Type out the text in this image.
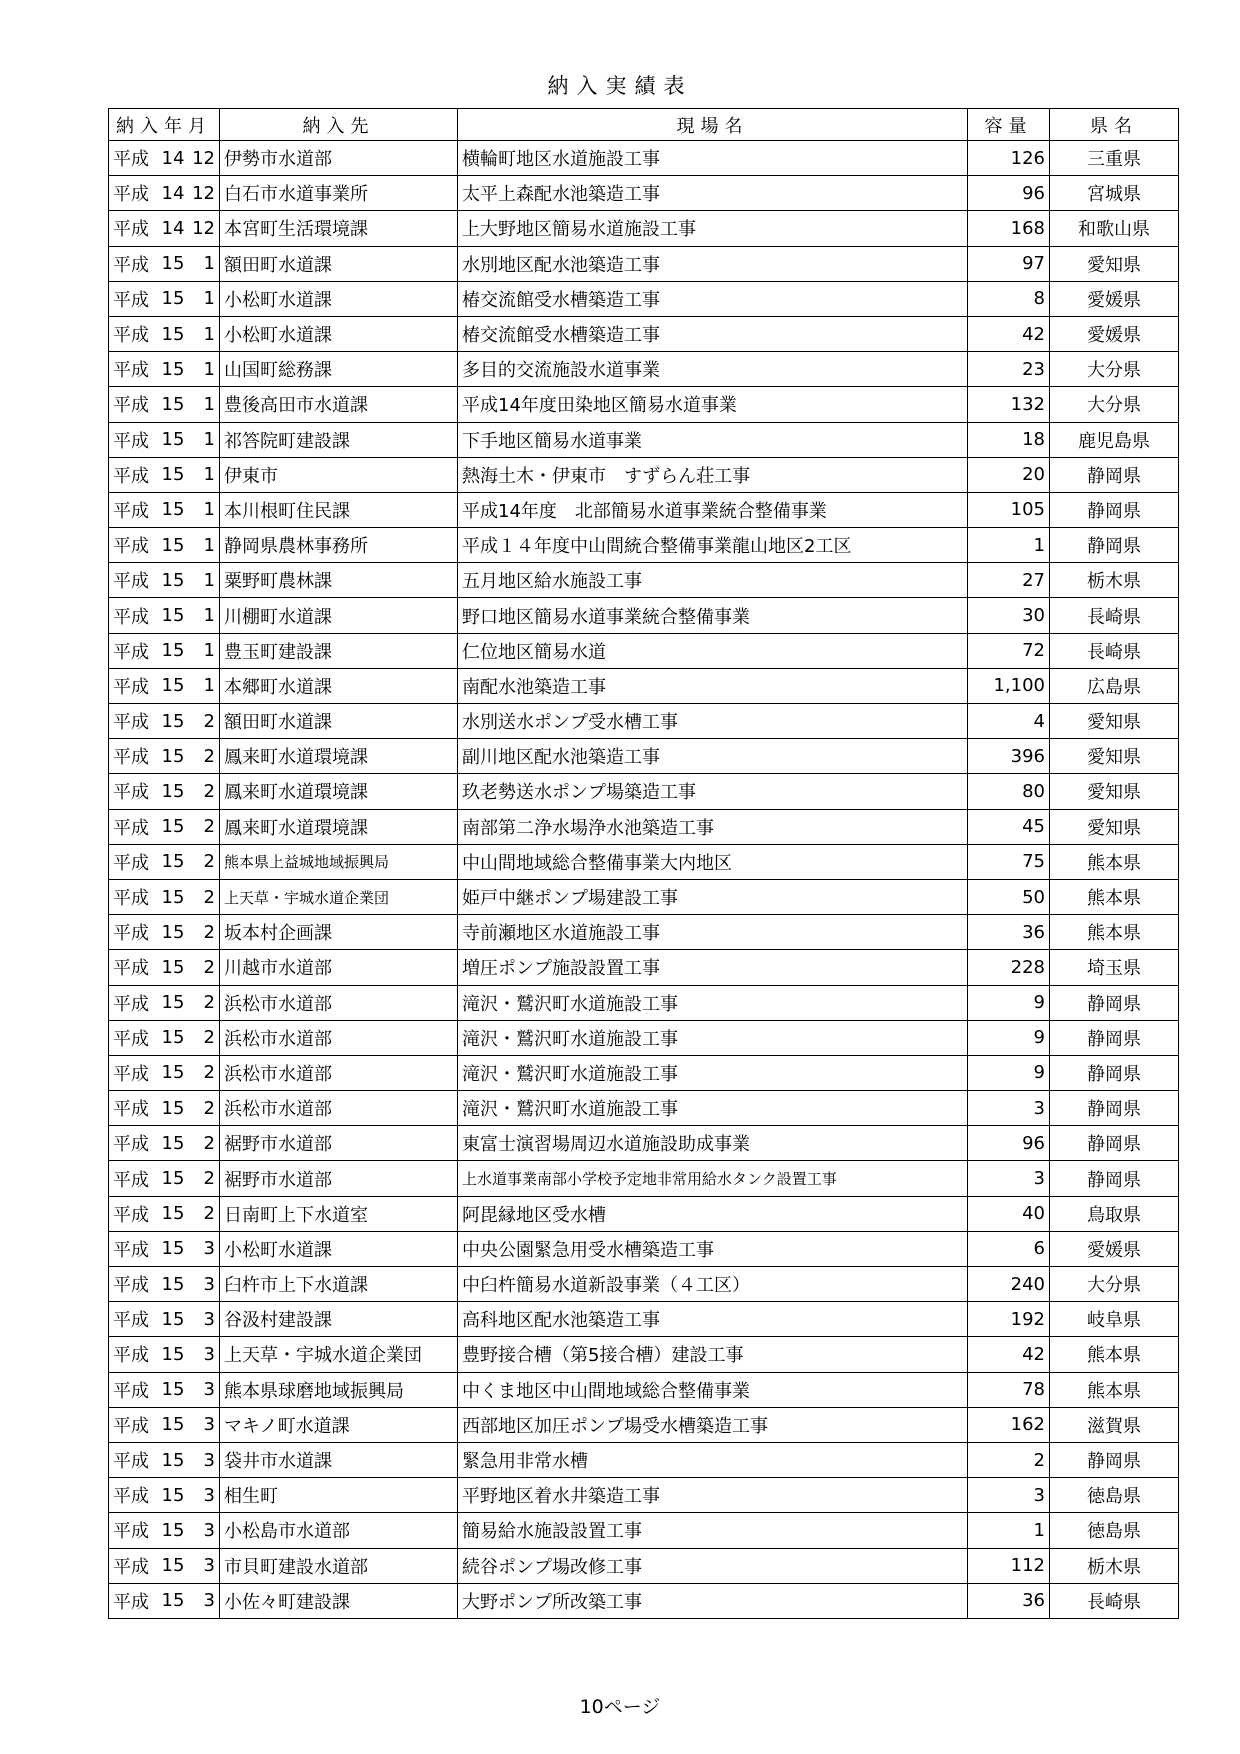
納入実績表
納入年月	納入先	現場名	容量	県名

平成 14 12	伊勢市水道部	横輪町地区水道施設工事	126	三重県

平成 14 12	白石市水道事業所	太平上森配水池築造工事	96	宮城県

平成 14 12	本宮町生活環境課	上大野地区簡易水道施設工事	168	和歌山県

平成 15 1	額田町水道課	水別地区配水池築造工事	97	愛知県

平成 15 1	小松町水道課	椿交流館受水槽築造工事	8	愛媛県

平成 15 1	小松町水道課	椿交流館受水槽築造工事	42	愛媛県

平成 15 1	山国町総務課	多目的交流施設水道事業	23	大分県

平成 15 1	豊後高田市水道課	平成14年度田染地区簡易水道事業	132	大分県

平成 15 1	祁答院町建設課	下手地区簡易水道事業	18	鹿児島県

平成 15 1	伊東市	熱海土木・伊東市　すずらん荘工事	20	静岡県

平成 15 1	本川根町住民課	平成14年度　北部簡易水道事業統合整備事業	105	静岡県

平成 15 1	静岡県農林事務所	平成１４年度中山間統合整備事業龍山地区2工区	1	静岡県

平成 15 1	粟野町農林課	五月地区給水施設工事	27	栃木県

平成 15 1	川棚町水道課	野口地区簡易水道事業統合整備事業	30	長崎県

平成 15 1	豊玉町建設課	仁位地区簡易水道	72	長崎県

平成 15 1	本郷町水道課	南配水池築造工事	1,100	広島県

平成 15 2	額田町水道課	水別送水ポンプ受水槽工事	4	愛知県

平成 15 2	鳳来町水道環境課	副川地区配水池築造工事	396	愛知県

平成 15 2	鳳来町水道環境課	玖老勢送水ポンプ場築造工事	80	愛知県

平成 15 2	鳳来町水道環境課	南部第二浄水場浄水池築造工事	45	愛知県

平成 15 2	熊本県上益城地域振興局	中山間地域総合整備事業大内地区	75	熊本県

平成 15 2	上天草・宇城水道企業団	姫戸中継ポンプ場建設工事	50	熊本県

平成 15 2	坂本村企画課	寺前瀬地区水道施設工事	36	熊本県

平成 15 2	川越市水道部	増圧ポンプ施設設置工事	228	埼玉県

平成 15 2	浜松市水道部	滝沢・鷲沢町水道施設工事	9	静岡県

平成 15 2	浜松市水道部	滝沢・鷲沢町水道施設工事	9	静岡県

平成 15 2	浜松市水道部	滝沢・鷲沢町水道施設工事	9	静岡県

平成 15 2	浜松市水道部	滝沢・鷲沢町水道施設工事	3	静岡県

平成 15 2	裾野市水道部	東富士演習場周辺水道施設助成事業	96	静岡県

平成 15 2	裾野市水道部	上水道事業南部小学校予定地非常用給水タンク設置工事	3	静岡県

平成 15 2	日南町上下水道室	阿毘縁地区受水槽	40	鳥取県

平成 15 3	小松町水道課	中央公園緊急用受水槽築造工事	6	愛媛県

平成 15 3	臼杵市上下水道課	中臼杵簡易水道新設事業（４工区）	240	大分県

平成 15 3	谷汲村建設課	高科地区配水池築造工事	192	岐阜県

平成 15 3	上天草・宇城水道企業団	豊野接合槽（第5接合槽）建設工事	42	熊本県

平成 15 3	熊本県球磨地域振興局	中くま地区中山間地域総合整備事業	78	熊本県

平成 15 3	マキノ町水道課	西部地区加圧ポンプ場受水槽築造工事	162	滋賀県

平成 15 3	袋井市水道課	緊急用非常水槽	2	静岡県

平成 15 3	相生町	平野地区着水井築造工事	3	徳島県

平成 15 3	小松島市水道部	簡易給水施設設置工事	1	徳島県

平成 15 3	市貝町建設水道部	続谷ポンプ場改修工事	112	栃木県

平成 15 3	小佐々町建設課	大野ポンプ所改築工事	36	長崎県
10ページ
